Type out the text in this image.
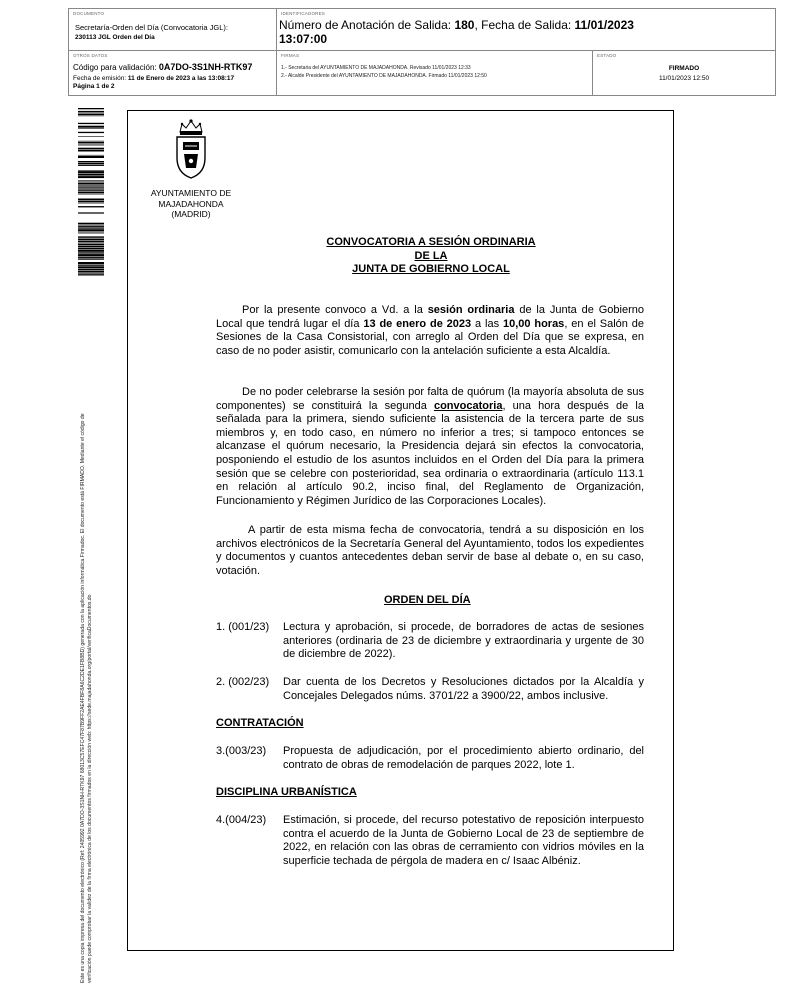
DOCUMENTO
Secretaría-Orden del Día (Convocatoria JGL):
230113 JGL Orden del Día
IDENTIFICADORES
Número de Anotación de Salida: 180, Fecha de Salida: 11/01/2023
13:07:00
OTROS DATOS
Código para validación: 0A7DO-3S1NH-RTK97
Fecha de emisión: 11 de Enero de 2023 a las 13:08:17
Página 1 de 2
FIRMAS
1.- Secretaria del AYUNTAMIENTO DE MAJADAHONDA. Revisado 11/01/2023 12:33
2.- Alcalde Presidente del AYUNTAMIENTO DE MAJADAHONDA. Firmado 11/01/2023 12:50
ESTADO
FIRMADO
11/01/2023 12:50
Este es una copia impresa del documento electrónico (Ref: 2405992 0A7DO-3S1NH-RTK97 68013C57EFC47F87B9FF2AE4FBF8A6C2DE1FB8BD) generada con la aplicación informática Firmadoc. El documento está FIRMADO. Mediante el código de verificación puede comprobar la validez de la firma electrónica de los documentos firmados en la dirección web: https://sede.majadahonda.org/portal/verificaDocumentos.do
AYUNTAMIENTO DE
MAJADAHONDA
(MADRID)
CONVOCATORIA A SESIÓN ORDINARIA
DE LA
JUNTA DE GOBIERNO LOCAL
Por la presente convoco a Vd. a la sesión ordinaria de la Junta de Gobierno Local que tendrá lugar el día 13 de enero de 2023 a las 10,00 horas, en el Salón de Sesiones de la Casa Consistorial, con arreglo al Orden del Día que se expresa, en caso de no poder asistir, comunicarlo con la antelación suficiente a esta Alcaldía.
De no poder celebrarse la sesión por falta de quórum (la mayoría absoluta de sus componentes) se constituirá la segunda convocatoria, una hora después de la señalada para la primera, siendo suficiente la asistencia de la tercera parte de sus miembros y, en todo caso, en número no inferior a tres; si tampoco entonces se alcanzase el quórum necesario, la Presidencia dejará sin efectos la convocatoria, posponiendo el estudio de los asuntos incluidos en el Orden del Día para la primera sesión que se celebre con posterioridad, sea ordinaria o extraordinaria (artículo 113.1 en relación al artículo 90.2, inciso final, del Reglamento de Organización, Funcionamiento y Régimen Jurídico de las Corporaciones Locales).
A partir de esta misma fecha de convocatoria, tendrá a su disposición en los archivos electrónicos de la Secretaría General del Ayuntamiento, todos los expedientes y documentos y cuantos antecedentes deban servir de base al debate o, en su caso, votación.
ORDEN DEL DÍA
1. (001/23) Lectura y aprobación, si procede, de borradores de actas de sesiones anteriores (ordinaria de 23 de diciembre y extraordinaria y urgente de 30 de diciembre de 2022).
2. (002/23) Dar cuenta de los Decretos y Resoluciones dictados por la Alcaldía y Concejales Delegados núms. 3701/22 a 3900/22, ambos inclusive.
CONTRATACIÓN
3.(003/23) Propuesta de adjudicación, por el procedimiento abierto ordinario, del contrato de obras de remodelación de parques 2022, lote 1.
DISCIPLINA URBANÍSTICA
4.(004/23) Estimación, si procede, del recurso potestativo de reposición interpuesto contra el acuerdo de la Junta de Gobierno Local de 23 de septiembre de 2022, en relación con las obras de cerramiento con vidrios móviles en la superficie techada de pérgola de madera en c/ Isaac Albéniz.
